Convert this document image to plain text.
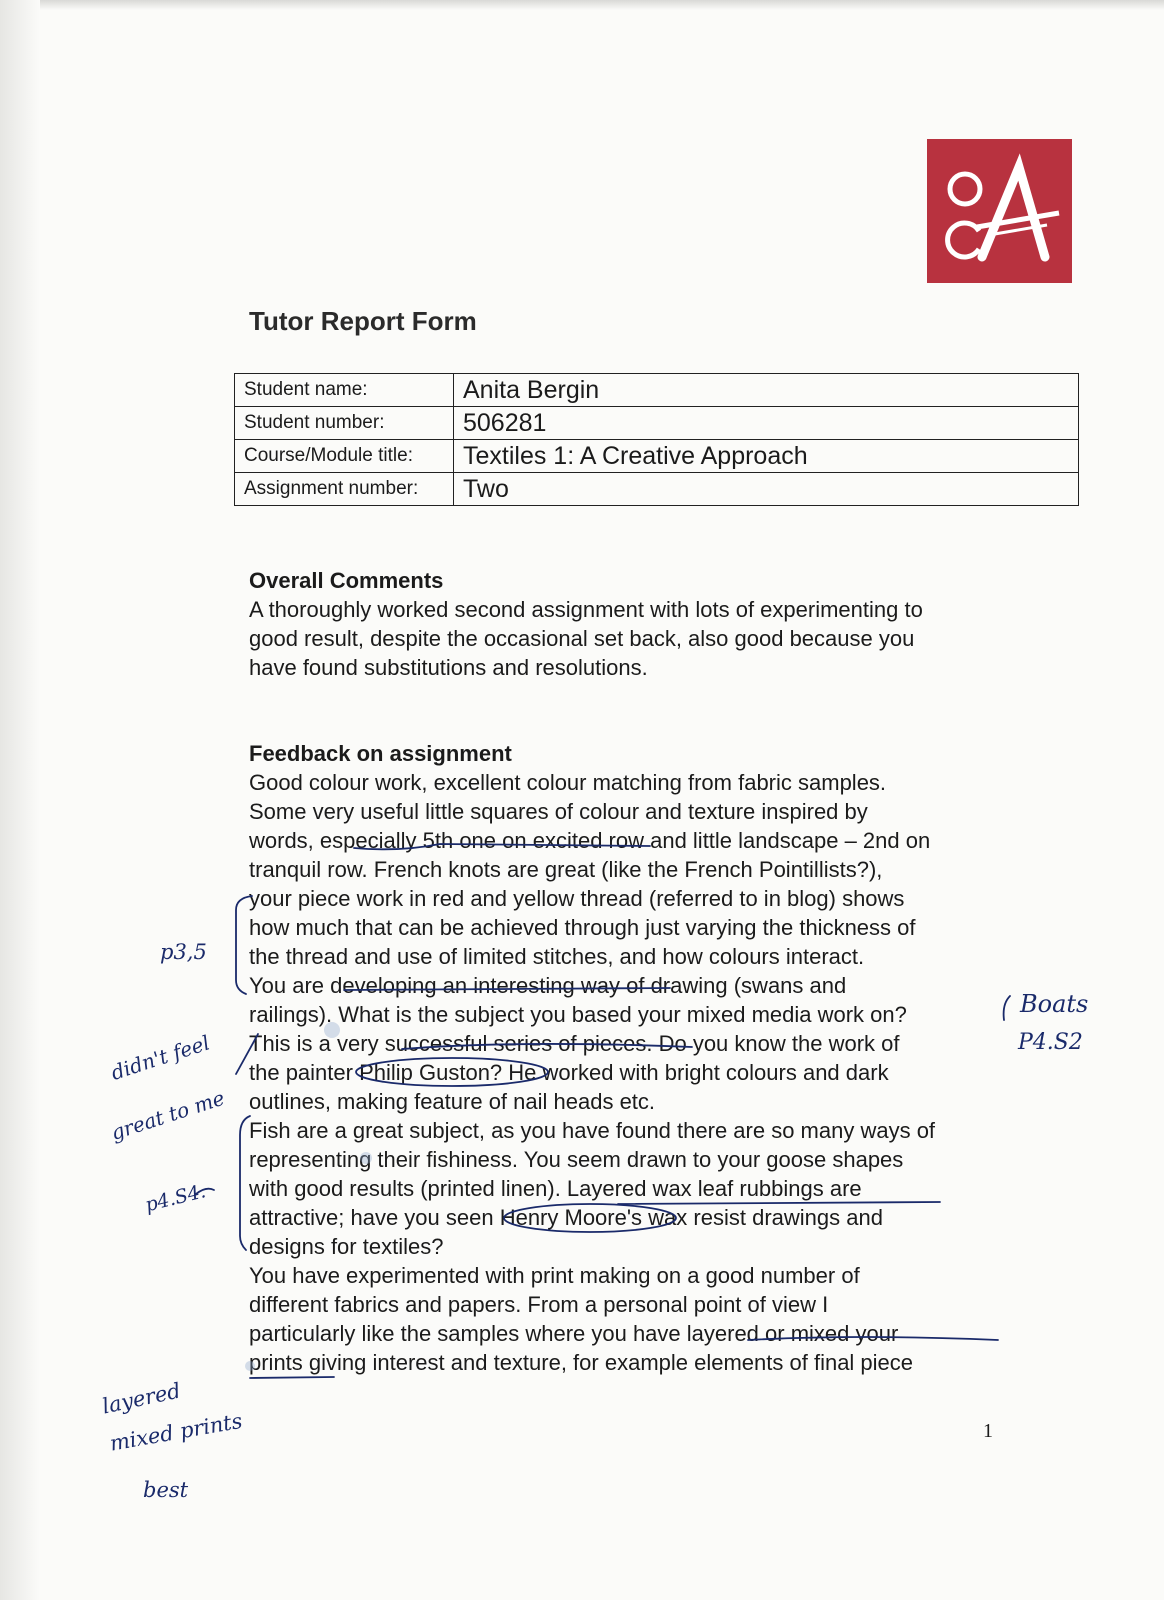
Tutor Report Form
Student name:	Anita Bergin
Student number:	506281
Course/Module title:	Textiles 1: A Creative Approach
Assignment number:	Two
Overall Comments

A thoroughly worked second assignment with lots of experimenting to

good result, despite the occasional set back, also good because you

have found substitutions and resolutions.

Feedback on assignment

Good colour work, excellent colour matching from fabric samples.

Some very useful little squares of colour and texture inspired by

words, especially 5th one on excited row and little landscape – 2nd on

tranquil row. French knots are great (like the French Pointillists?),

your piece work in red and yellow thread (referred to in blog) shows

how much that can be achieved through just varying the thickness of

the thread and use of limited stitches, and how colours interact.

You are developing an interesting way of drawing (swans and

railings). What is the subject you based your mixed media work on?

This is a very successful series of pieces. Do you know the work of

the painter Philip Guston? He worked with bright colours and dark

outlines, making feature of nail heads etc.

Fish are a great subject, as you have found there are so many ways of

representing their fishiness. You seem drawn to your goose shapes

with good results (printed linen). Layered wax leaf rubbings are

attractive; have you seen Henry Moore's wax resist drawings and

designs for textiles?

You have experimented with print making on a good number of

different fabrics and papers. From a personal point of view I

particularly like the samples where you have layered or mixed your

prints giving interest and texture, for example elements of final piece

1
p3,5
Boats
P4.S2
didn't feel
great to me
p4.S4.
layered
mixed prints
best
